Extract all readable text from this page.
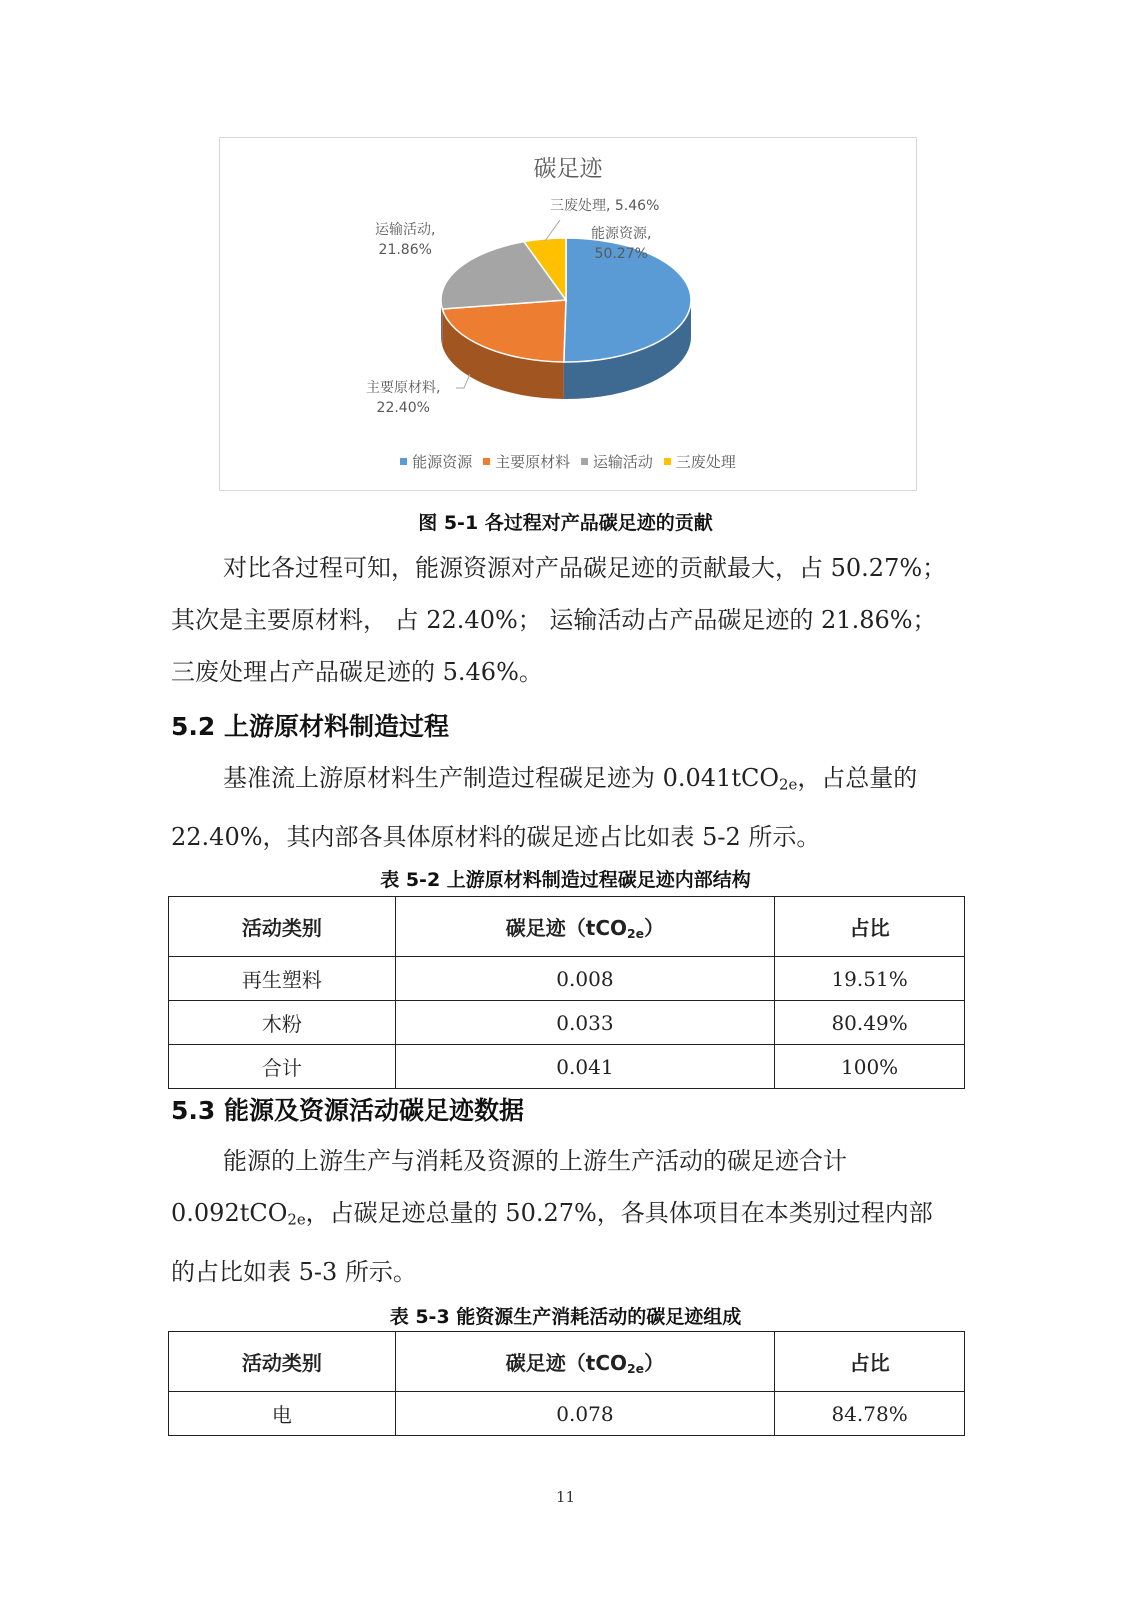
碳足迹
能源资源,
50.27%
主要原材料,
22.40%
运输活动,
21.86%
三废处理, 5.46%
能源资源 主要原材料 运输活动 三废处理
图 5-1 各过程对产品碳足迹的贡献

对比各过程可知，能源资源对产品碳足迹的贡献最大，占 50.27%；

其次是主要原材料， 占 22.40%； 运输活动占产品碳足迹的 21.86%；

三废处理占产品碳足迹的 5.46%。

5.2 上游原材料制造过程

基准流上游原材料生产制造过程碳足迹为 0.041tCO$_{2e}$，占总量的

22.40%，其内部各具体原材料的碳足迹占比如表 5-2 所示。

表 5-2 上游原材料制造过程碳足迹内部结构
活动类别	碳足迹（tCO$_{2e}$）	占比
再生塑料	0.008	19.51%
木粉	0.033	80.49%
合计	0.041	100%
5.3 能源及资源活动碳足迹数据

能源的上游生产与消耗及资源的上游生产活动的碳足迹合计

0.092tCO$_{2e}$，占碳足迹总量的 50.27%，各具体项目在本类别过程内部

的占比如表 5-3 所示。

表 5-3 能资源生产消耗活动的碳足迹组成
活动类别	碳足迹（tCO$_{2e}$）	占比
电	0.078	84.78%
11
